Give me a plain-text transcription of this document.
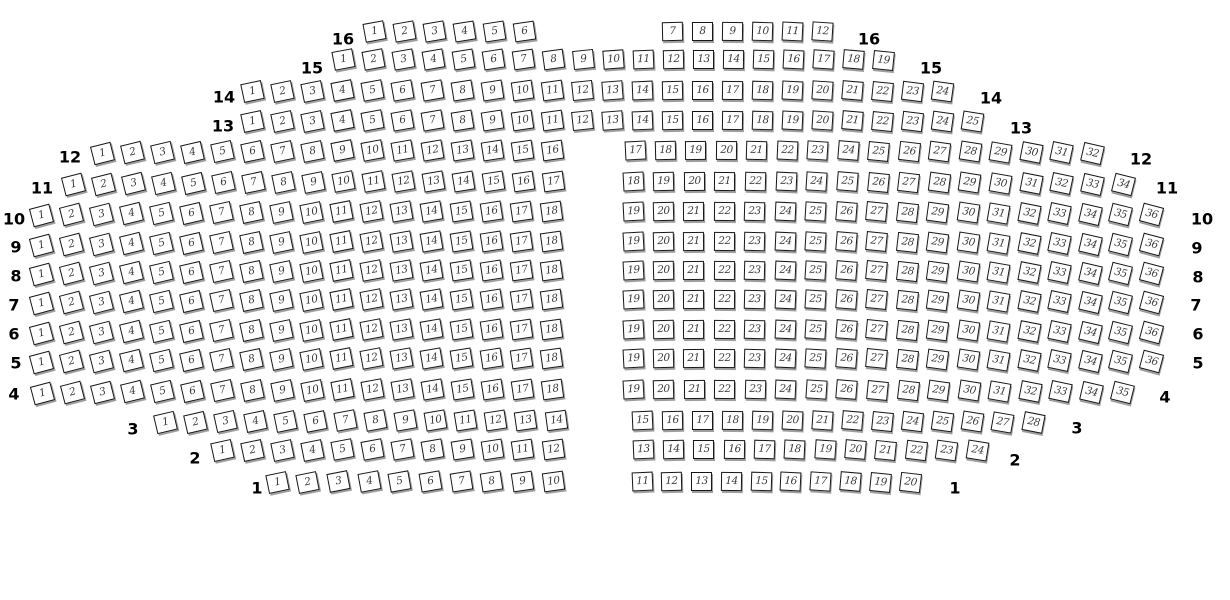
16	16
1 2 3 4 5 6	7 8 9 10 11 12
15	15
1 2 3 4 5 6 7 8 9 10 11 12 13 14 15 16 17 18 19
14	14
1 2 3 4 5 6 7 8 9 10 11 12 13 14 15 16 17 18 19 20 21 22 23 24
13	13
1 2 3 4 5 6 7 8 9 10 11 12 13 14 15 16 17 18 19 20 21 22 23 24 25
12	12
1 2 3 4 5 6 7 8 9 10 11 12 13 14 15 16	17 18 19 20 21 22 23 24 25 26 27 28 29 30 31 32
11	11
1 2 3 4 5 6 7 8 9 10 11 12 13 14 15 16 17	18 19 20 21 22 23 24 25 26 27 28 29 30 31 32 33 34
10	10
1 2 3 4 5 6 7 8 9 10 11 12 13 14 15 16 17 18	19 20 21 22 23 24 25 26 27 28 29 30 31 32 33 34 35 36
9	9
1 2 3 4 5 6 7 8 9 10 11 12 13 14 15 16 17 18	19 20 21 22 23 24 25 26 27 28 29 30 31 32 33 34 35 36
8	8
1 2 3 4 5 6 7 8 9 10 11 12 13 14 15 16 17 18	19 20 21 22 23 24 25 26 27 28 29 30 31 32 33 34 35 36
7	7
1 2 3 4 5 6 7 8 9 10 11 12 13 14 15 16 17 18	19 20 21 22 23 24 25 26 27 28 29 30 31 32 33 34 35 36
6	6
1 2 3 4 5 6 7 8 9 10 11 12 13 14 15 16 17 18	19 20 21 22 23 24 25 26 27 28 29 30 31 32 33 34 35 36
5	5
1 2 3 4 5 6 7 8 9 10 11 12 13 14 15 16 17 18	19 20 21 22 23 24 25 26 27 28 29 30 31 32 33 34 35 36
4	4
1 2 3 4 5 6 7 8 9 10 11 12 13 14 15 16 17 18	19 20 21 22 23 24 25 26 27 28 29 30 31 32 33 34 35
3	3
1 2 3 4 5 6 7 8 9 10 11 12 13 14	15 16 17 18 19 20 21 22 23 24 25 26 27 28
2	2
1 2 3 4 5 6 7 8 9 10 11 12	13 14 15 16 17 18 19 20 21 22 23 24
1	1
1 2 3 4 5 6 7 8 9 10	11 12 13 14 15 16 17 18 19 20
